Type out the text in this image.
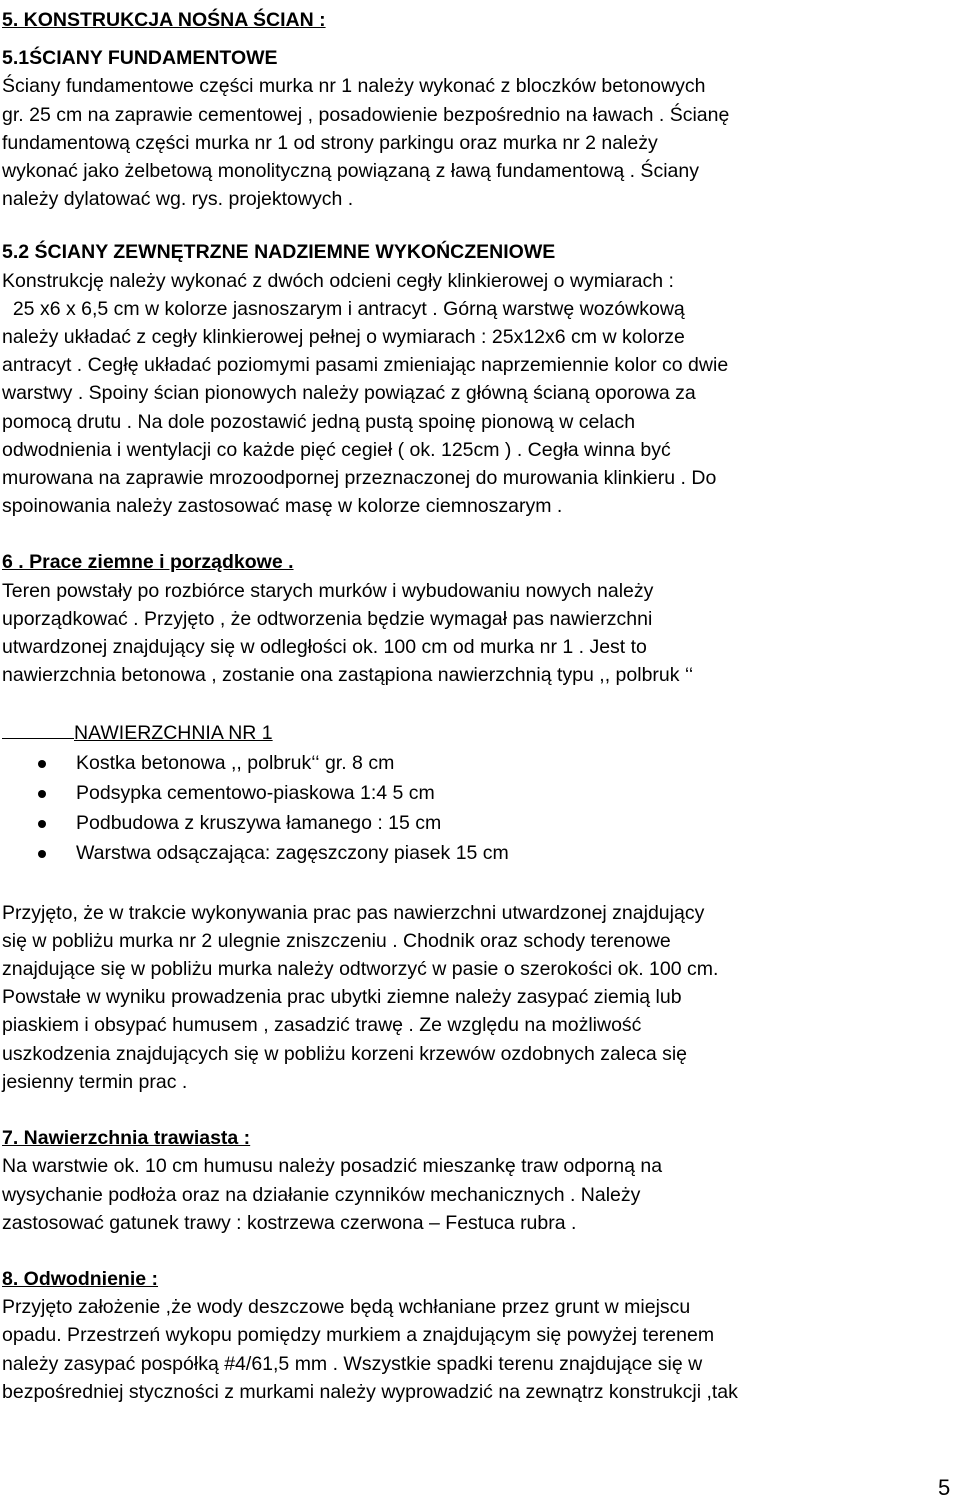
5. KONSTRUKCJA NOŚNA ŚCIAN :

5.1ŚCIANY FUNDAMENTOWE

Ściany fundamentowe części murka nr 1 należy wykonać z bloczków betonowych

gr. 25 cm na zaprawie cementowej , posadowienie bezpośrednio na ławach . Ścianę

fundamentową części murka nr 1 od strony parkingu oraz murka nr 2 należy

wykonać jako żelbetową monolityczną powiązaną z ławą fundamentową . Ściany

należy dylatować wg. rys. projektowych .

5.2 ŚCIANY ZEWNĘTRZNE NADZIEMNE WYKOŃCZENIOWE

Konstrukcję należy wykonać z dwóch odcieni cegły klinkierowej o wymiarach :

25 x6 x 6,5 cm w kolorze jasnoszarym i antracyt . Górną warstwę wozówkową

należy układać z cegły klinkierowej pełnej o wymiarach : 25x12x6 cm w kolorze

antracyt . Cegłę układać poziomymi pasami zmieniając naprzemiennie kolor co dwie

warstwy . Spoiny ścian pionowych należy powiązać z główną ścianą oporowa za

pomocą drutu . Na dole pozostawić jedną pustą spoinę pionową w celach

odwodnienia i wentylacji co każde pięć cegieł ( ok. 125cm ) . Cegła winna być

murowana na zaprawie mrozoodpornej przeznaczonej do murowania klinkieru . Do

spoinowania należy zastosować masę w kolorze ciemnoszarym .

6 . Prace ziemne i porządkowe .

Teren powstały po rozbiórce starych murków i wybudowaniu nowych należy

uporządkować . Przyjęto , że odtworzenia będzie wymagał pas nawierzchni

utwardzonej znajdujący się w odległości ok. 100 cm od murka nr 1 . Jest to

nawierzchnia betonowa , zostanie ona zastąpiona nawierzchnią typu ,, polbruk ‘‘

NAWIERZCHNIA NR 1

Kostka betonowa ,, polbruk‘‘ gr. 8 cm
Podsypka cementowo-piaskowa 1:4 5 cm
Podbudowa z kruszywa łamanego : 15 cm
Warstwa odsączająca: zagęszczony piasek 15 cm

Przyjęto, że w trakcie wykonywania prac pas nawierzchni utwardzonej znajdujący

się w pobliżu murka nr 2 ulegnie zniszczeniu . Chodnik oraz schody terenowe

znajdujące się w pobliżu murka należy odtworzyć w pasie o szerokości ok. 100 cm.

Powstałe w wyniku prowadzenia prac ubytki ziemne należy zasypać ziemią lub

piaskiem i obsypać humusem , zasadzić trawę . Ze względu na możliwość

uszkodzenia znajdujących się w pobliżu korzeni krzewów ozdobnych zaleca się

jesienny termin prac .

7. Nawierzchnia trawiasta :

Na warstwie ok. 10 cm humusu należy posadzić mieszankę traw odporną na

wysychanie podłoża oraz na działanie czynników mechanicznych . Należy

zastosować gatunek trawy : kostrzewa czerwona – Festuca rubra .

8. Odwodnienie :

Przyjęto założenie ,że wody deszczowe będą wchłaniane przez grunt w miejscu

opadu. Przestrzeń wykopu pomiędzy murkiem a znajdującym się powyżej terenem

należy zasypać pospółką #4/61,5 mm . Wszystkie spadki terenu znajdujące się w

bezpośredniej styczności z murkami należy wyprowadzić na zewnątrz konstrukcji ,tak

5
